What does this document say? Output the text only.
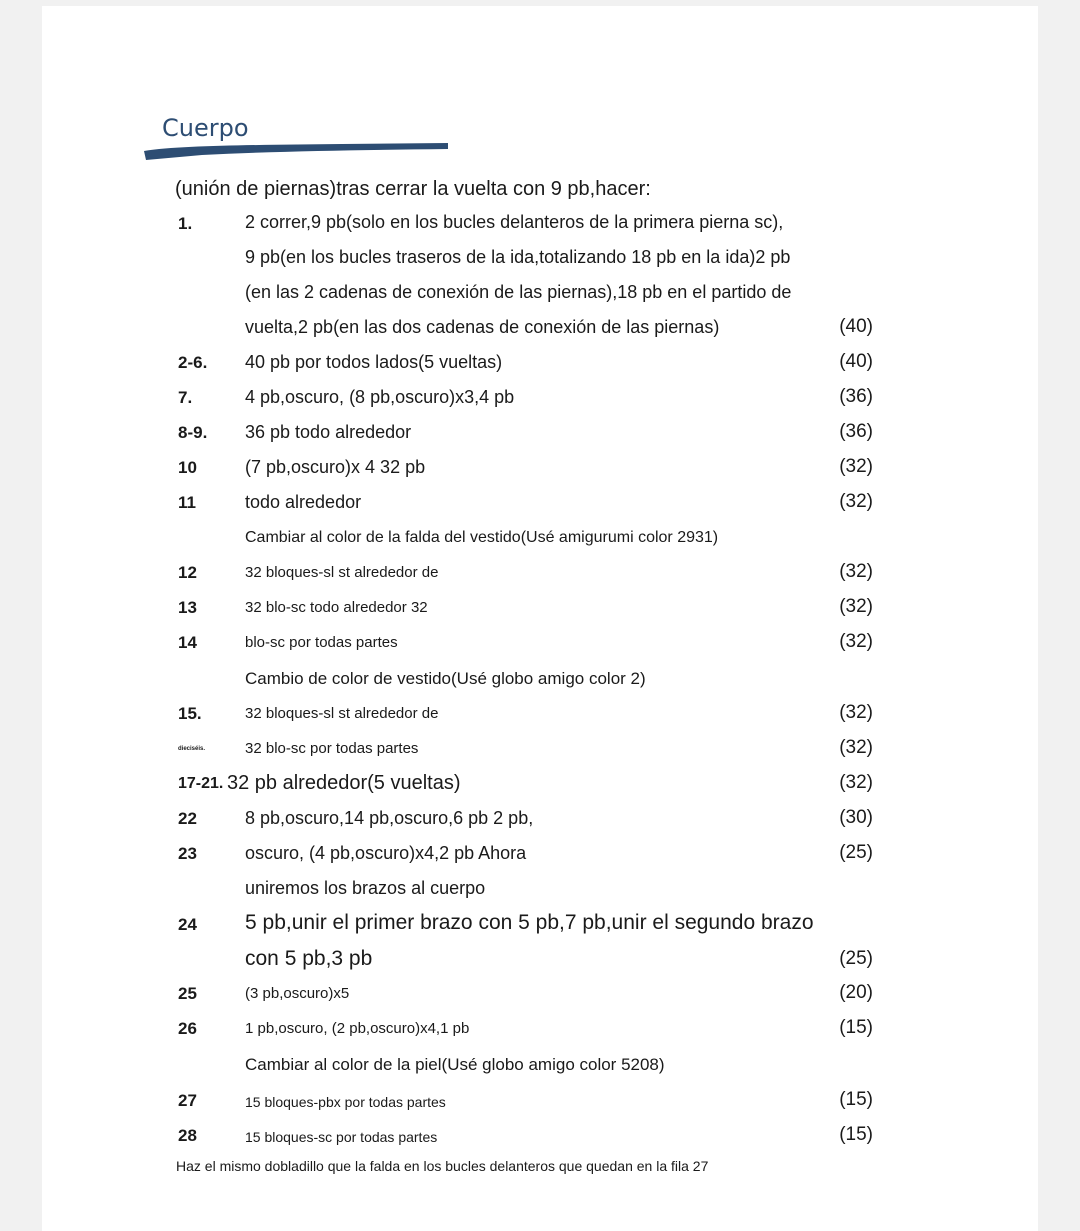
Cuerpo
(unión de piernas)tras cerrar la vuelta con 9 pb,hacer:
1.	2 correr,9 pb(solo en los bucles delanteros de la primera pierna sc),
9 pb(en los bucles traseros de la ida,totalizando 18 pb en la ida)2 pb
(en las 2 cadenas de conexión de las piernas),18 pb en el partido de
vuelta,2 pb(en las dos cadenas de conexión de las piernas)	(40)
2-6. 40 pb por todos lados(5 vueltas)	(40)
7.	4 pb,oscuro, (8 pb,oscuro)x3,4 pb	(36)
8-9. 36 pb todo alrededor	(36)
10	(7 pb,oscuro)x 4 32 pb	(32)
11	todo alrededor	(32)
Cambiar al color de la falda del vestido(Usé amigurumi color 2931)
12	32 bloques-sl st alrededor de	(32)
13	32 blo-sc todo alrededor 32	(32)
14	blo-sc por todas partes	(32)
Cambio de color de vestido(Usé globo amigo color 2)
15.	32 bloques-sl st alrededor de	(32)
dieciséis.	32 blo-sc por todas partes	(32)
17-21. 32 pb alrededor(5 vueltas)	(32)
22	8 pb,oscuro,14 pb,oscuro,6 pb 2 pb,	(30)
23	oscuro, (4 pb,oscuro)x4,2 pb Ahora	(25)
uniremos los brazos al cuerpo
24 5 pb,unir el primer brazo con 5 pb,7 pb,unir el segundo brazo
con 5 pb,3 pb	(25)
25	(3 pb,oscuro)x5	(20)
26	1 pb,oscuro, (2 pb,oscuro)x4,1 pb	(15)
Cambiar al color de la piel(Usé globo amigo color 5208)
27	15 bloques-pbx por todas partes	(15)
28	15 bloques-sc por todas partes	(15)
Haz el mismo dobladillo que la falda en los bucles delanteros que quedan en la fila 27
